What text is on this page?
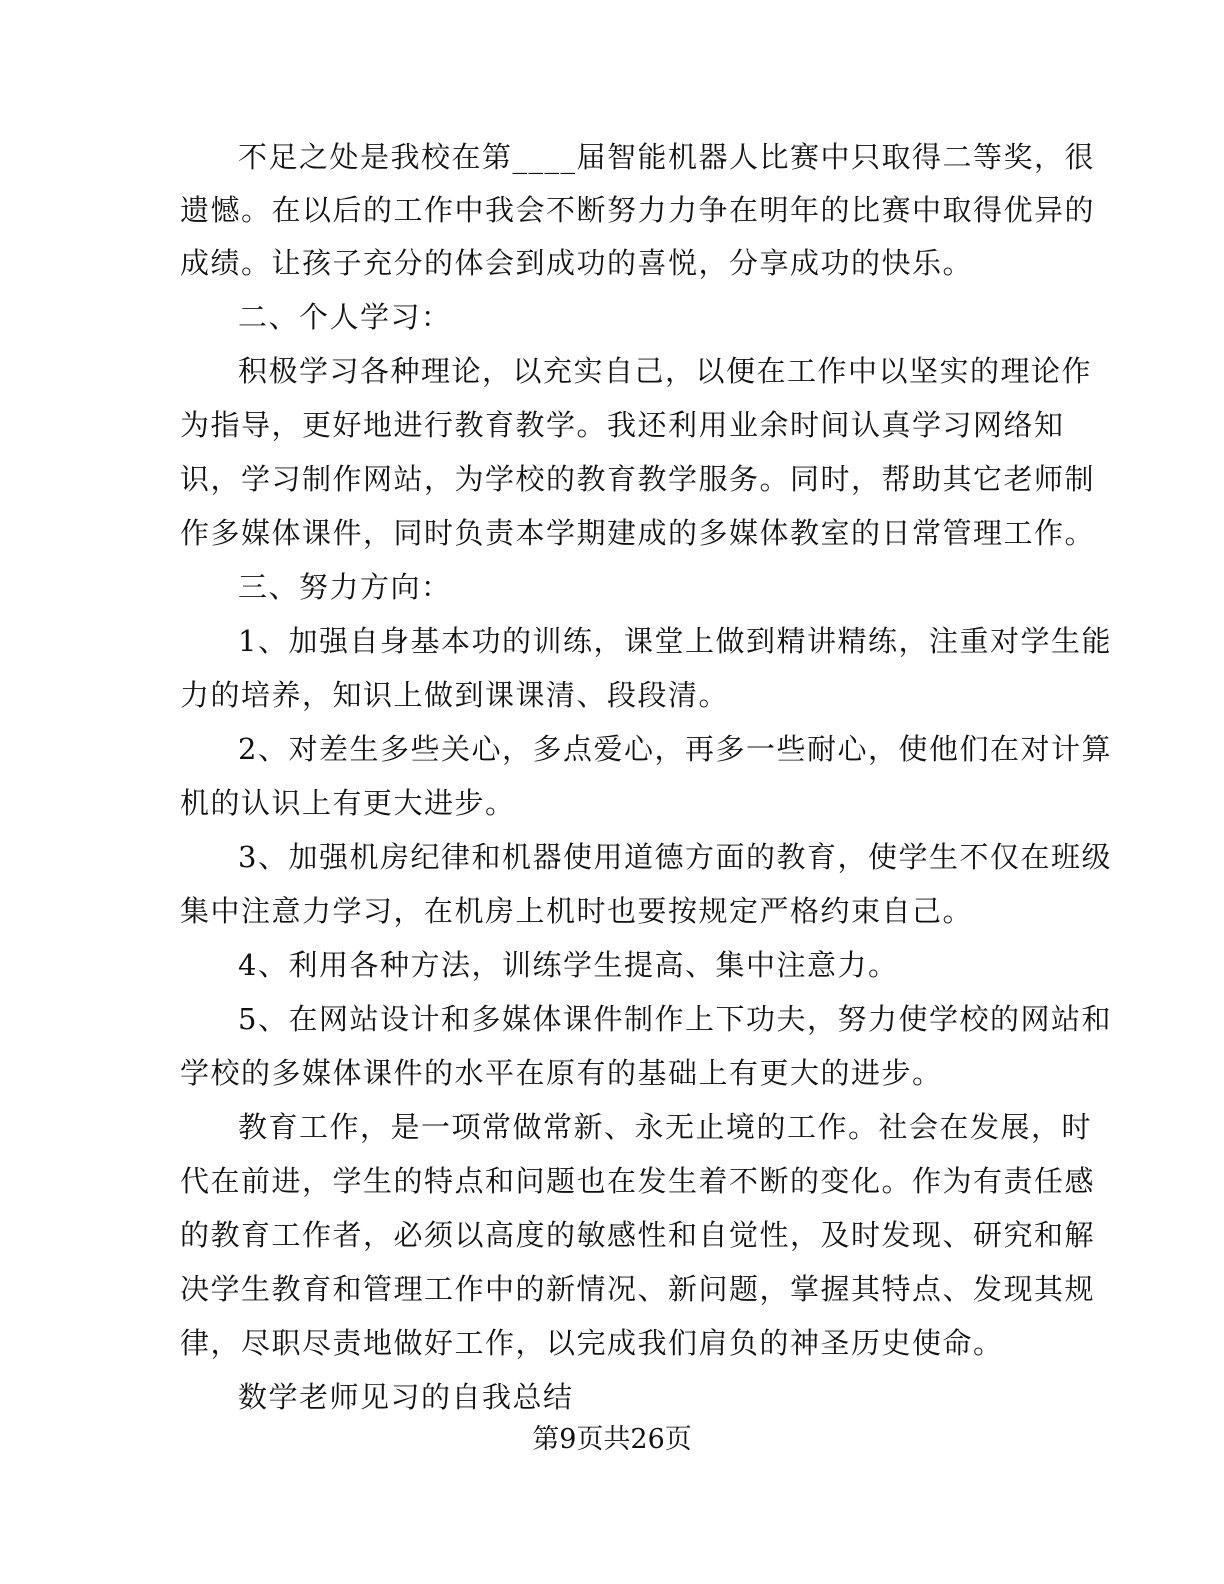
不足之处是我校在第____届智能机器人比赛中只取得二等奖，很
遗憾。在以后的工作中我会不断努力力争在明年的比赛中取得优异的
成绩。让孩子充分的体会到成功的喜悦，分享成功的快乐。
二、个人学习：
积极学习各种理论，以充实自己，以便在工作中以坚实的理论作
为指导，更好地进行教育教学。我还利用业余时间认真学习网络知
识，学习制作网站，为学校的教育教学服务。同时，帮助其它老师制
作多媒体课件，同时负责本学期建成的多媒体教室的日常管理工作。
三、努力方向：
1、加强自身基本功的训练，课堂上做到精讲精练，注重对学生能
力的培养，知识上做到课课清、段段清。
2、对差生多些关心，多点爱心，再多一些耐心，使他们在对计算
机的认识上有更大进步。
3、加强机房纪律和机器使用道德方面的教育，使学生不仅在班级
集中注意力学习，在机房上机时也要按规定严格约束自己。
4、利用各种方法，训练学生提高、集中注意力。
5、在网站设计和多媒体课件制作上下功夫，努力使学校的网站和
学校的多媒体课件的水平在原有的基础上有更大的进步。
教育工作，是一项常做常新、永无止境的工作。社会在发展，时
代在前进，学生的特点和问题也在发生着不断的变化。作为有责任感
的教育工作者，必须以高度的敏感性和自觉性，及时发现、研究和解
决学生教育和管理工作中的新情况、新问题，掌握其特点、发现其规
律，尽职尽责地做好工作，以完成我们肩负的神圣历史使命。
数学老师见习的自我总结
第9页共26页
